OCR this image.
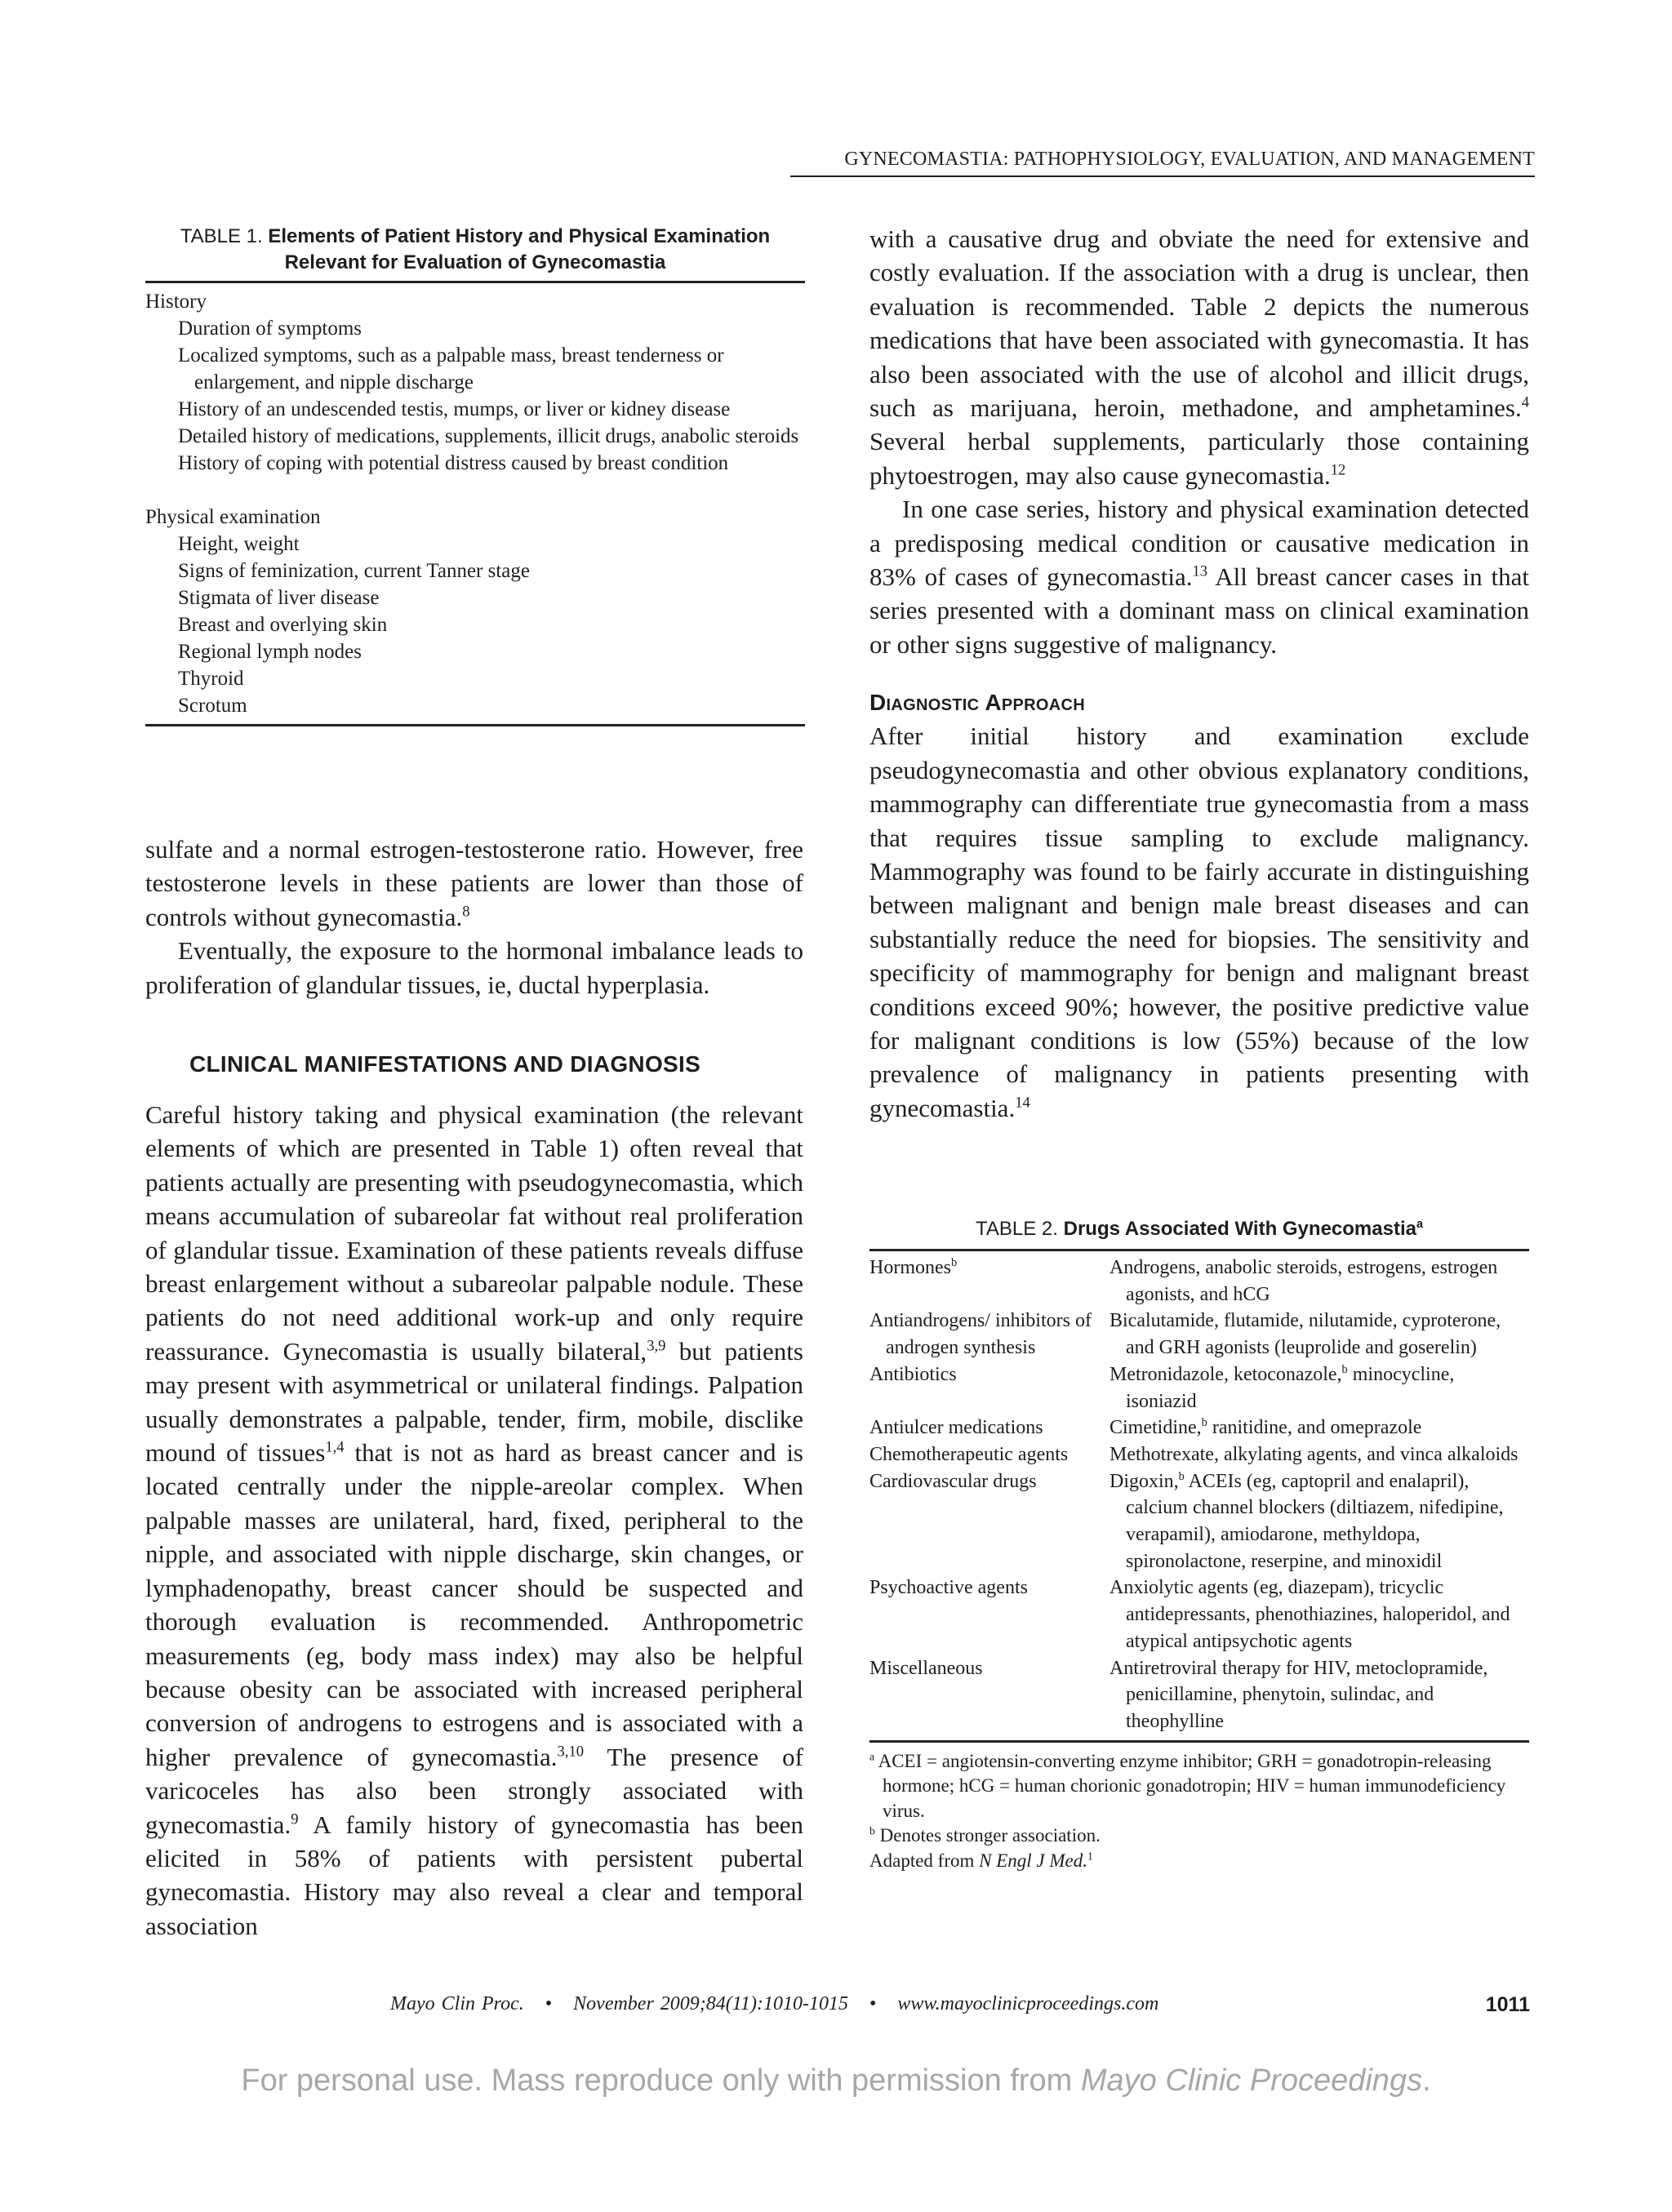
GYNECOMASTIA: PATHOPHYSIOLOGY, EVALUATION, AND MANAGEMENT
TABLE 1. Elements of Patient History and Physical Examination Relevant for Evaluation of Gynecomastia
History
Duration of symptoms
Localized symptoms, such as a palpable mass, breast tenderness or enlargement, and nipple discharge
History of an undescended testis, mumps, or liver or kidney disease
Detailed history of medications, supplements, illicit drugs, anabolic steroids
History of coping with potential distress caused by breast condition
Physical examination
Height, weight
Signs of feminization, current Tanner stage
Stigmata of liver disease
Breast and overlying skin
Regional lymph nodes
Thyroid
Scrotum

sulfate and a normal estrogen-testosterone ratio. However, free testosterone levels in these patients are lower than those of controls without gynecomastia.$^8$

Eventually, the exposure to the hormonal imbalance leads to proliferation of glandular tissues, ie, ductal hyperplasia.

CLINICAL MANIFESTATIONS AND DIAGNOSIS

Careful history taking and physical examination (the relevant elements of which are presented in Table 1) often reveal that patients actually are presenting with pseudogynecomastia, which means accumulation of subareolar fat without real proliferation of glandular tissue. Examination of these patients reveals diffuse breast enlargement without a subareolar palpable nodule. These patients do not need additional work-up and only require reassurance. Gynecomastia is usually bilateral,$^{3,9}$ but patients may present with asymmetrical or unilateral findings. Palpation usually demonstrates a palpable, tender, firm, mobile, disclike mound of tissues$^{1,4}$ that is not as hard as breast cancer and is located centrally under the nipple-areolar complex. When palpable masses are unilateral, hard, fixed, peripheral to the nipple, and associated with nipple discharge, skin changes, or lymphadenopathy, breast cancer should be suspected and thorough evaluation is recommended. Anthropometric measurements (eg, body mass index) may also be helpful because obesity can be associated with increased peripheral conversion of androgens to estrogens and is associated with a higher prevalence of gynecomastia.$^{3,10}$ The presence of varicoceles has also been strongly associated with gynecomastia.$^9$ A family history of gynecomastia has been elicited in 58% of patients with persistent pubertal gynecomastia. History may also reveal a clear and temporal association

with a causative drug and obviate the need for extensive and costly evaluation. If the association with a drug is unclear, then evaluation is recommended. Table 2 depicts the numerous medications that have been associated with gynecomastia. It has also been associated with the use of alcohol and illicit drugs, such as marijuana, heroin, methadone, and amphetamines.$^4$ Several herbal supplements, particularly those containing phytoestrogen, may also cause gynecomastia.$^{12}$

In one case series, history and physical examination detected a predisposing medical condition or causative medication in 83% of cases of gynecomastia.$^{13}$ All breast cancer cases in that series presented with a dominant mass on clinical examination or other signs suggestive of malignancy.

Diagnostic Approach

After initial history and examination exclude pseudogynecomastia and other obvious explanatory conditions, mammography can differentiate true gynecomastia from a mass that requires tissue sampling to exclude malignancy. Mammography was found to be fairly accurate in distinguishing between malignant and benign male breast diseases and can substantially reduce the need for biopsies. The sensitivity and specificity of mammography for benign and malignant breast conditions exceed 90%; however, the positive predictive value for malignant conditions is low (55%) because of the low prevalence of malignancy in patients presenting with gynecomastia.$^{14}$

TABLE 2. Drugs Associated With Gynecomastia$^a$
Hormones$^b$	Androgens, anabolic steroids, estrogens, estrogen agonists, and hCG
Antiandrogens/ inhibitors of androgen synthesis	Bicalutamide, flutamide, nilutamide, cyproterone, and GRH agonists (leuprolide and goserelin)
Antibiotics	Metronidazole, ketoconazole,$^b$ minocycline, isoniazid
Antiulcer medications	Cimetidine,$^b$ ranitidine, and omeprazole
Chemotherapeutic agents	Methotrexate, alkylating agents, and vinca alkaloids
Cardiovascular drugs	Digoxin,$^b$ ACEIs (eg, captopril and enalapril), calcium channel blockers (diltiazem, nifedipine, verapamil), amiodarone, methyldopa, spironolactone, reserpine, and minoxidil
Psychoactive agents	Anxiolytic agents (eg, diazepam), tricyclic antidepressants, phenothiazines, haloperidol, and atypical antipsychotic agents
Miscellaneous	Antiretroviral therapy for HIV, metoclopramide, penicillamine, phenytoin, sulindac, and theophylline
$^a$ ACEI = angiotensin-converting enzyme inhibitor; GRH = gonadotropin-releasing hormone; hCG = human chorionic gonadotropin; HIV = human immunodeficiency virus.
$^b$ Denotes stronger association.
Adapted from N Engl J Med.$^1$
Mayo Clin Proc. • November 2009;84(11):1010-1015 • www.mayoclinicproceedings.com	1011
For personal use. Mass reproduce only with permission from Mayo Clinic Proceedings.
